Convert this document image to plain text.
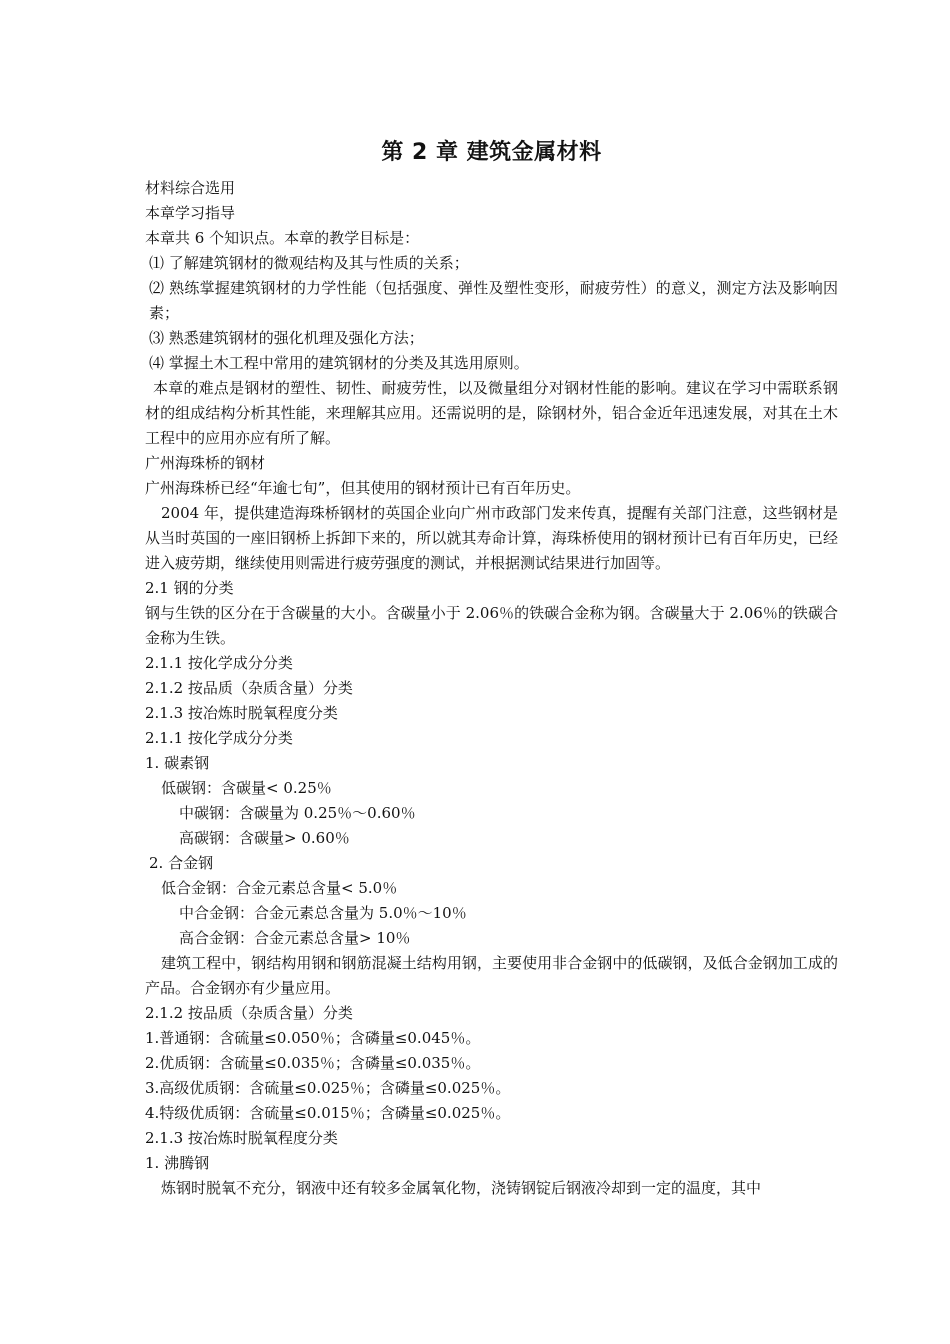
第 2 章 建筑金属材料

材料综合选用

本章学习指导

本章共 6 个知识点。本章的教学目标是：

⑴ 了解建筑钢材的微观结构及其与性质的关系；

⑵ 熟练掌握建筑钢材的力学性能（包括强度、弹性及塑性变形，耐疲劳性）的意义，测定方法及影响因素；

⑶ 熟悉建筑钢材的强化机理及强化方法；

⑷ 掌握土木工程中常用的建筑钢材的分类及其选用原则。

本章的难点是钢材的塑性、韧性、耐疲劳性，以及微量组分对钢材性能的影响。建议在学习中需联系钢材的组成结构分析其性能，来理解其应用。还需说明的是，除钢材外，铝合金近年迅速发展，对其在土木工程中的应用亦应有所了解。

广州海珠桥的钢材

广州海珠桥已经“年逾七旬”，但其使用的钢材预计已有百年历史。

2004 年，提供建造海珠桥钢材的英国企业向广州市政部门发来传真，提醒有关部门注意，这些钢材是从当时英国的一座旧钢桥上拆卸下来的，所以就其寿命计算，海珠桥使用的钢材预计已有百年历史，已经进入疲劳期，继续使用则需进行疲劳强度的测试，并根据测试结果进行加固等。

2.1 钢的分类

钢与生铁的区分在于含碳量的大小。含碳量小于 2.06％的铁碳合金称为钢。含碳量大于 2.06％的铁碳合金称为生铁。

2.1.1 按化学成分分类

2.1.2 按品质（杂质含量）分类

2.1.3 按冶炼时脱氧程度分类

2.1.1 按化学成分分类

1. 碳素钢

低碳钢：含碳量< 0.25％

中碳钢：含碳量为 0.25％～0.60％

高碳钢：含碳量> 0.60％

2. 合金钢

低合金钢：合金元素总含量< 5.0％

中合金钢：合金元素总含量为 5.0％～10％

高合金钢：合金元素总含量> 10％

建筑工程中，钢结构用钢和钢筋混凝土结构用钢，主要使用非合金钢中的低碳钢，及低合金钢加工成的产品。合金钢亦有少量应用。

2.1.2 按品质（杂质含量）分类

1.普通钢：含硫量≤0.050％；含磷量≤0.045％。

2.优质钢：含硫量≤0.035％；含磷量≤0.035％。

3.高级优质钢：含硫量≤0.025％；含磷量≤0.025％。

4.特级优质钢：含硫量≤0.015％；含磷量≤0.025％。

2.1.3 按冶炼时脱氧程度分类

1. 沸腾钢

炼钢时脱氧不充分，钢液中还有较多金属氧化物，浇铸钢锭后钢液冷却到一定的温度，其中
